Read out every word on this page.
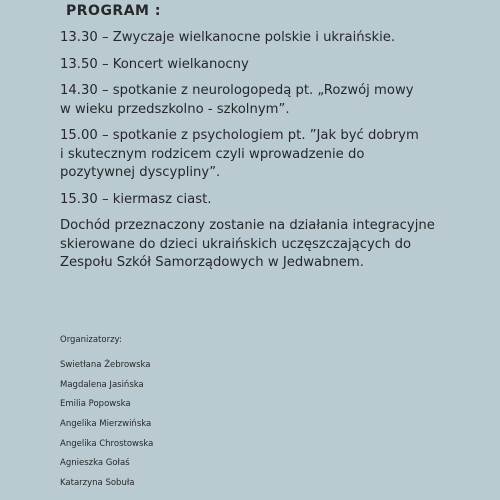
PROGRAM :

13.30 – Zwyczaje wielkanocne polskie i ukraińskie.

13.50 – Koncert wielkanocny

14.30 – spotkanie z neurologopedą pt. „Rozwój mowy
w wieku przedszkolno - szkolnym”.

15.00 – spotkanie z psychologiem pt. ”Jak być dobrym
i skutecznym rodzicem czyli wprowadzenie do
pozytywnej dyscypliny”.

15.30 – kiermasz ciast.

Dochód przeznaczony zostanie na działania integracyjne
skierowane do dzieci ukraińskich uczęszczających do
Zespołu Szkół Samorządowych w Jedwabnem.

Organizatorzy:

Swietłana Żebrowska
Magdalena Jasińska
Emilia Popowska
Angelika Mierzwińska
Angelika Chrostowska
Agnieszka Gołaś
Katarzyna Sobuła
